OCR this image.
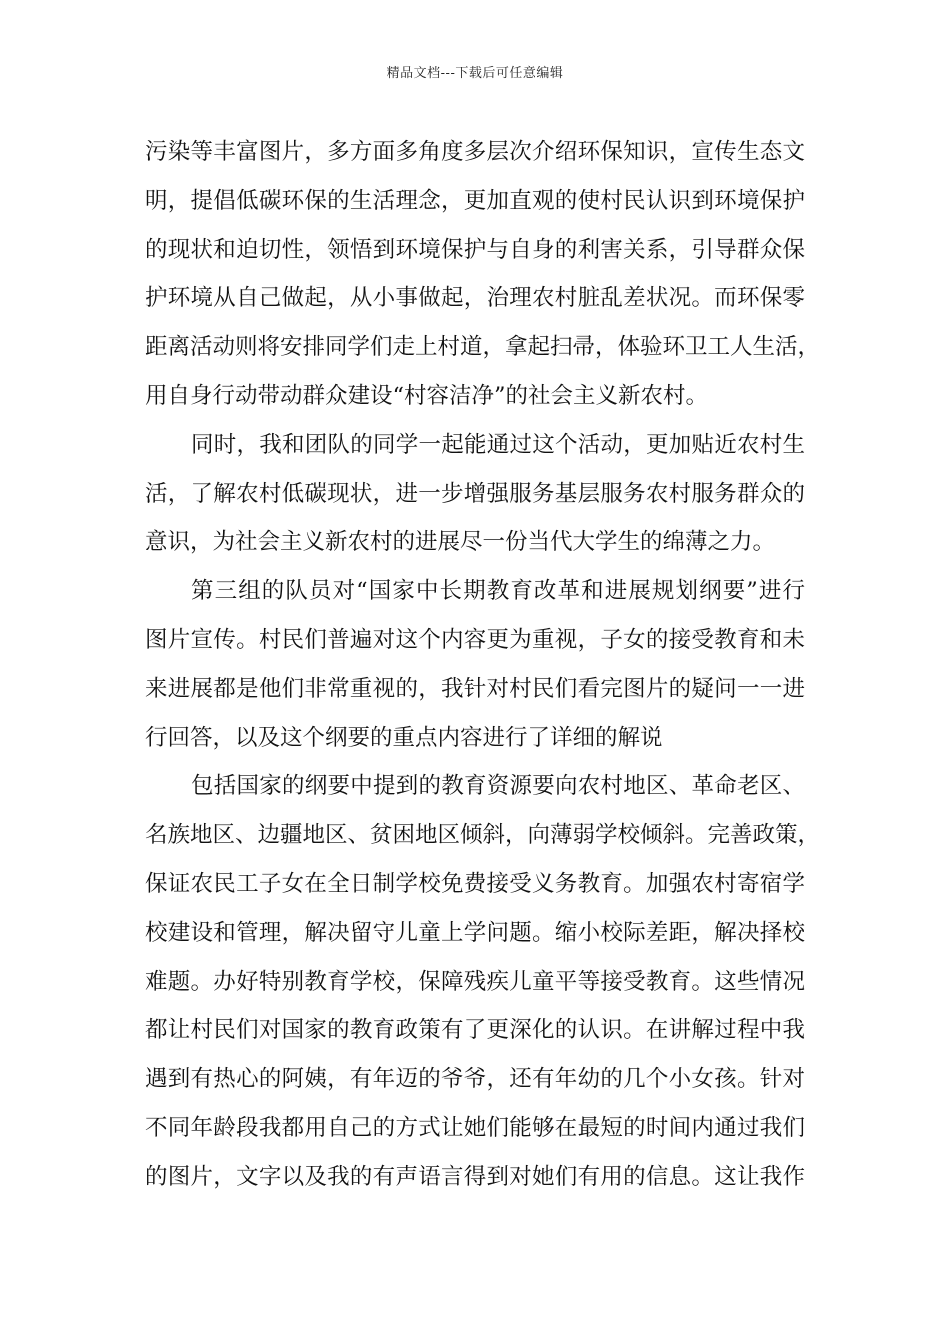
精品文档---下载后可任意编辑
污染等丰富图片，多方面多角度多层次介绍环保知识，宣传生态文
明，提倡低碳环保的生活理念，更加直观的使村民认识到环境保护
的现状和迫切性，领悟到环境保护与自身的利害关系，引导群众保
护环境从自己做起，从小事做起，治理农村脏乱差状况。而环保零
距离活动则将安排同学们走上村道，拿起扫帚，体验环卫工人生活，
用自身行动带动群众建设“村容洁净”的社会主义新农村。
同时，我和团队的同学一起能通过这个活动，更加贴近农村生
活，了解农村低碳现状，进一步增强服务基层服务农村服务群众的
意识，为社会主义新农村的进展尽一份当代大学生的绵薄之力。
第三组的队员对“国家中长期教育改革和进展规划纲要”进行
图片宣传。村民们普遍对这个内容更为重视，子女的接受教育和未
来进展都是他们非常重视的，我针对村民们看完图片的疑问一一进
行回答，以及这个纲要的重点内容进行了详细的解说
包括国家的纲要中提到的教育资源要向农村地区、革命老区、
名族地区、边疆地区、贫困地区倾斜，向薄弱学校倾斜。完善政策，
保证农民工子女在全日制学校免费接受义务教育。加强农村寄宿学
校建设和管理，解决留守儿童上学问题。缩小校际差距，解决择校
难题。办好特别教育学校，保障残疾儿童平等接受教育。这些情况
都让村民们对国家的教育政策有了更深化的认识。在讲解过程中我
遇到有热心的阿姨，有年迈的爷爷，还有年幼的几个小女孩。针对
不同年龄段我都用自己的方式让她们能够在最短的时间内通过我们
的图片，文字以及我的有声语言得到对她们有用的信息。这让我作
